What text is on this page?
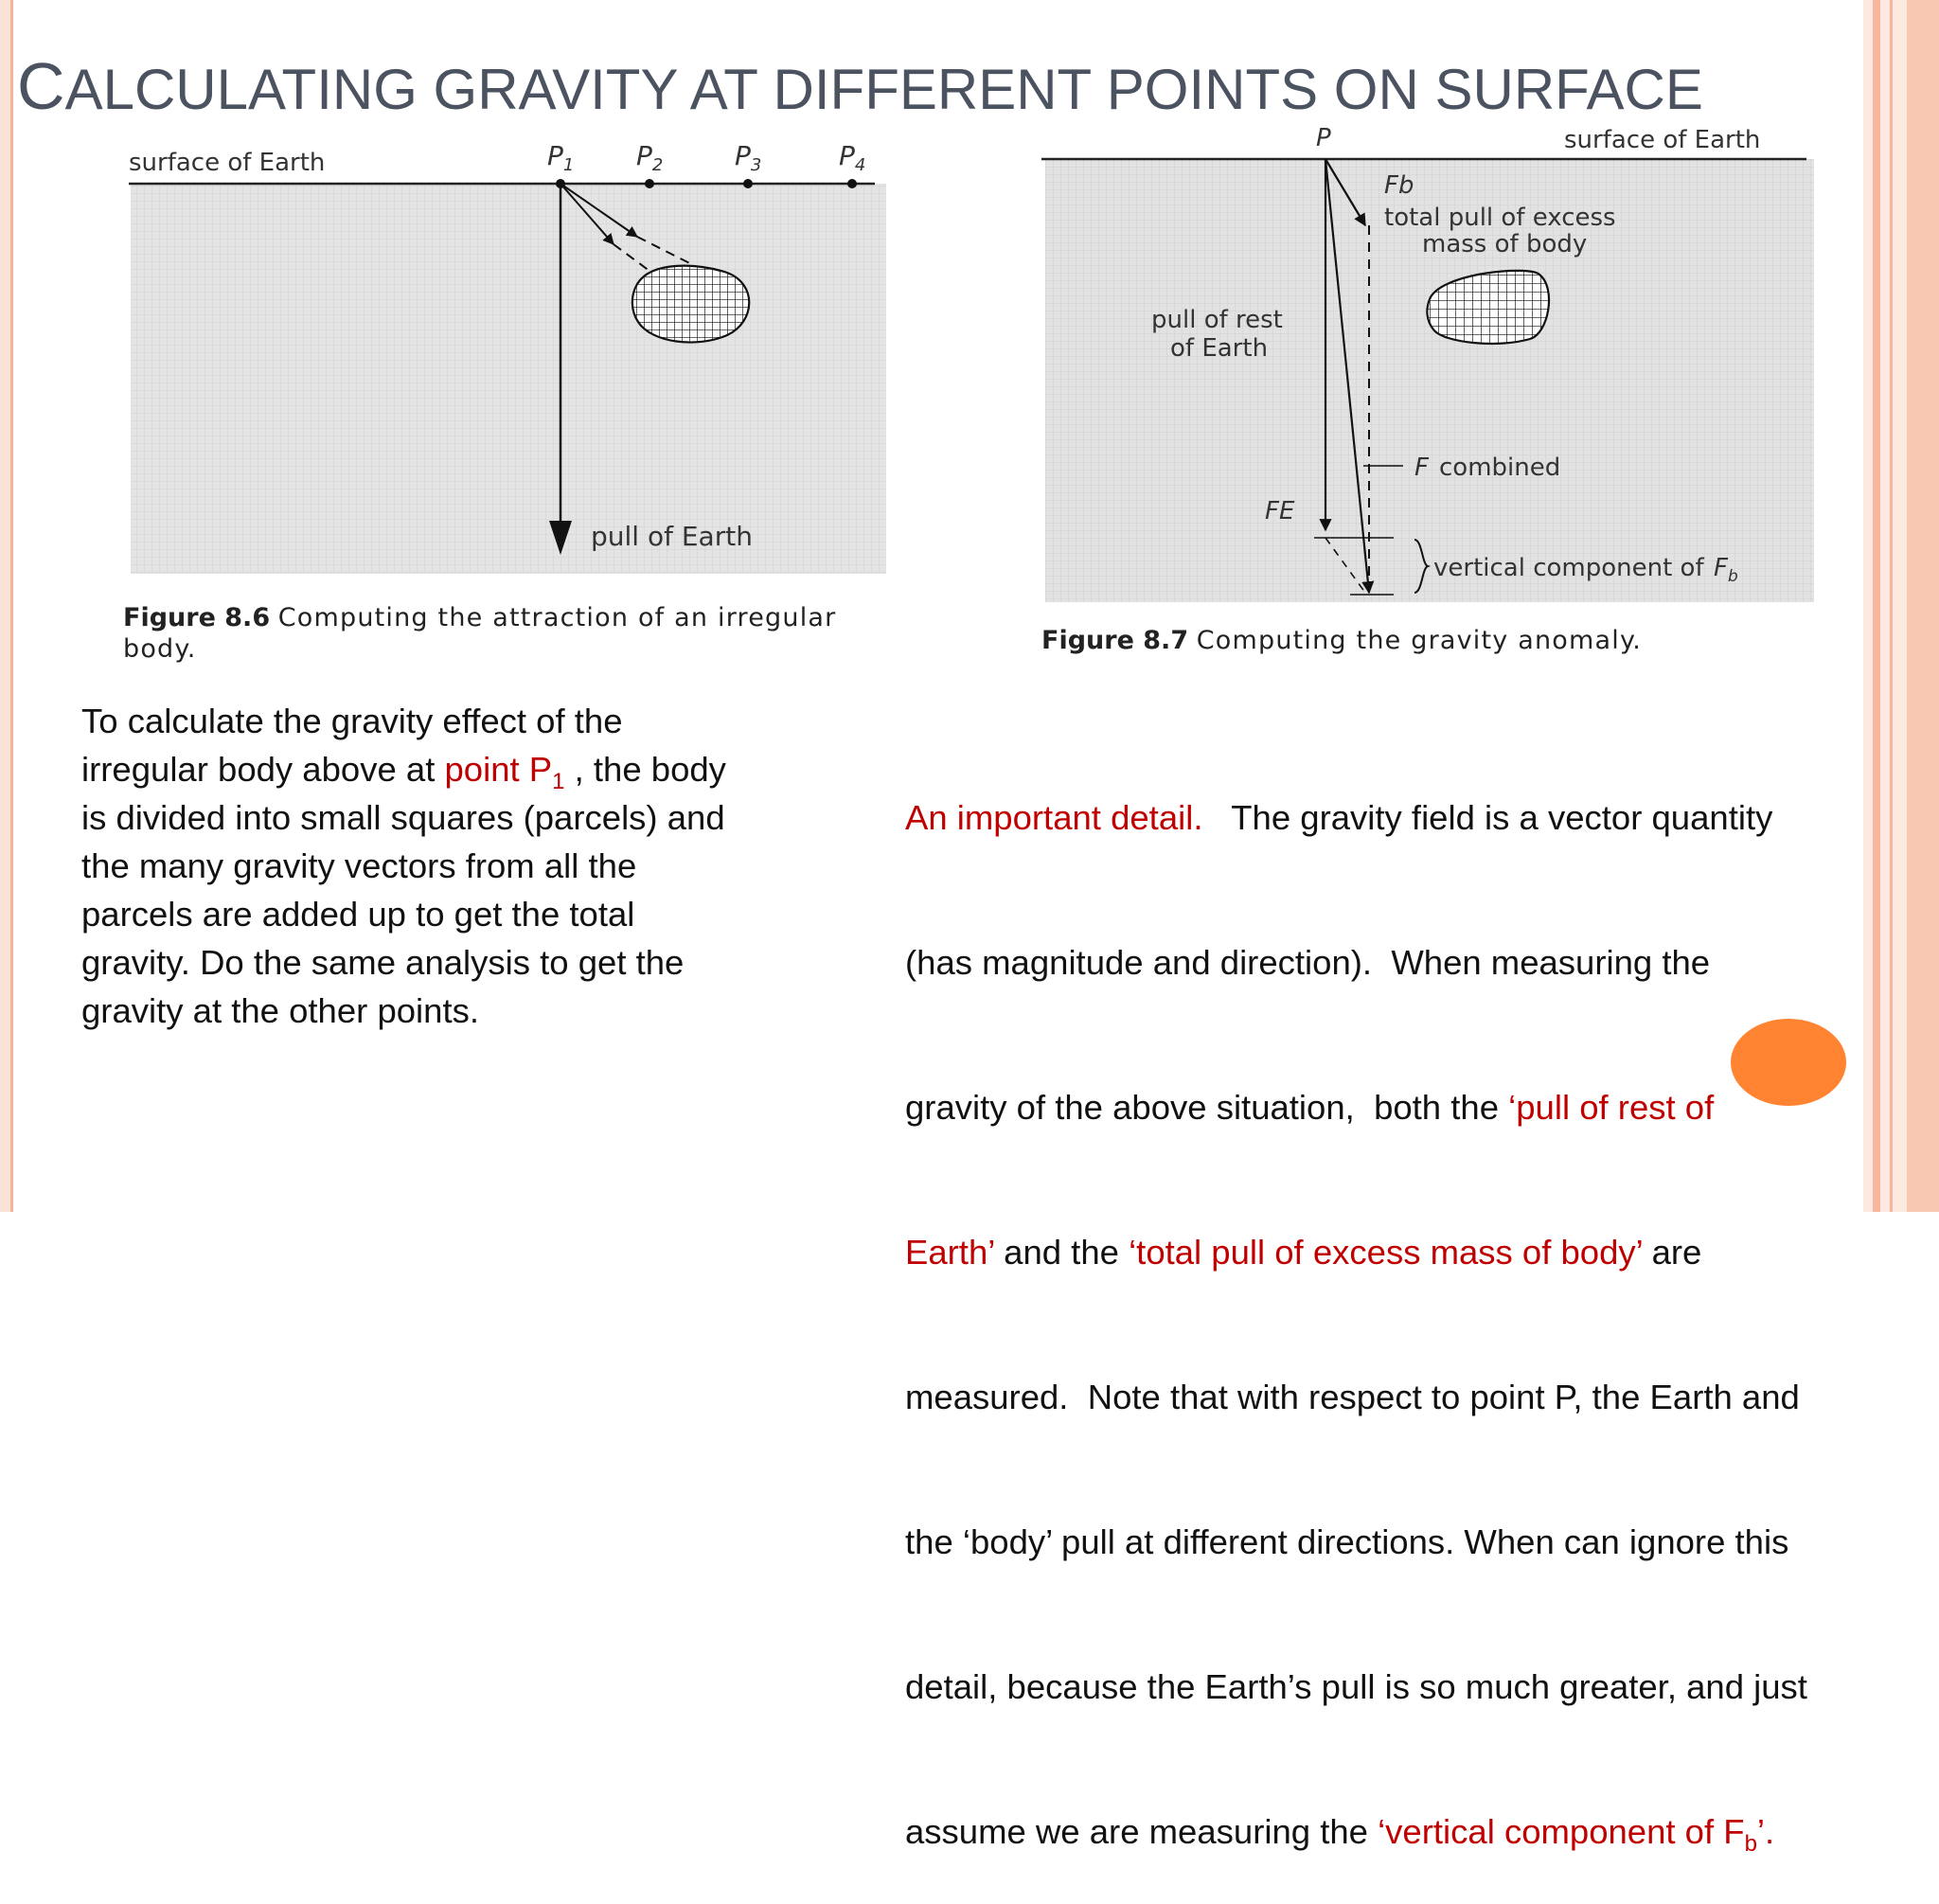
CALCULATING GRAVITY AT DIFFERENT POINTS ON SURFACE
surface of Earth	$P_1$ $P_2$	$P_3$	$P_4$
pull of Earth
Figure 8.6 Computing the attraction of an irregular body.
P	surface of Earth
Fb
total pull of excess
mass of body
pull of rest
of Earth
F combined
FE
vertical component of $F_b$
Figure 8.7 Computing the gravity anomaly.
To calculate the gravity effect of the
irregular body above at point $P_1$ , the body
is divided into small squares (parcels) and
the many gravity vectors from all the
parcels are added up to get the total
gravity. Do the same analysis to get the
gravity at the other points.

An important detail.   The gravity field is a vector quantity

(has magnitude and direction).  When measuring the

gravity of the above situation,  both the ‘pull of rest of

Earth’ and the ‘total pull of excess mass of body’ are

measured.  Note that with respect to point P, the Earth and

the ‘body’ pull at different directions. When can ignore this

detail, because the Earth’s pull is so much greater, and just

assume we are measuring the ‘vertical component of $F_b$’.
